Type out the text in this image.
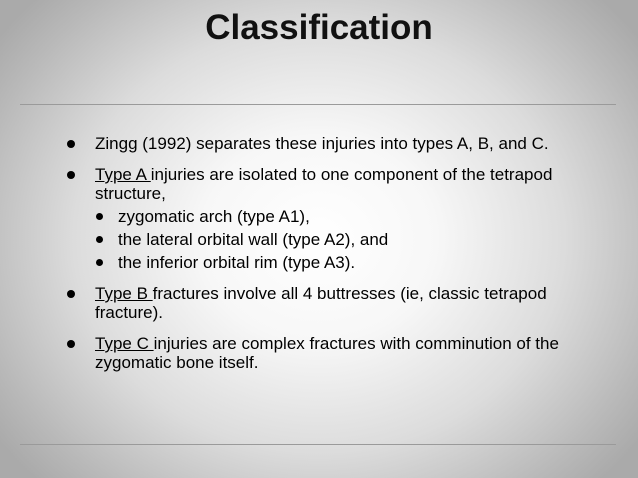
Classification
Zingg (1992) separates these injuries into types A, B, and C.
Type A injuries are isolated to one component of the tetrapod structure,
zygomatic arch (type A1),
the lateral orbital wall (type A2), and
the inferior orbital rim (type A3).
Type B fractures involve all 4 buttresses (ie, classic tetrapod fracture).
Type C injuries are complex fractures with comminution of the zygomatic bone itself.
